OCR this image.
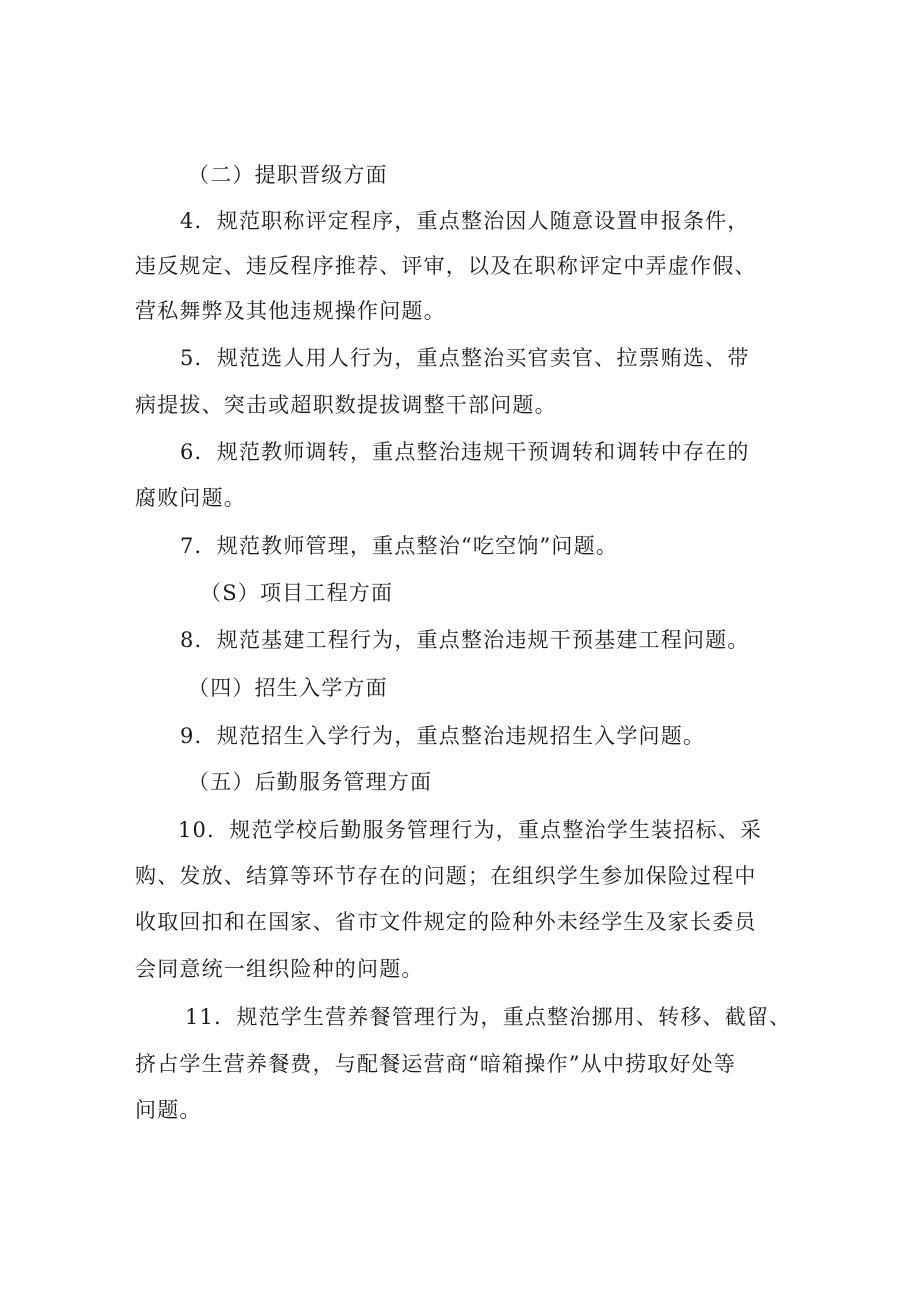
（二）提职晋级方面
4．规范职称评定程序，重点整治因人随意设置申报条件，
违反规定、违反程序推荐、评审，以及在职称评定中弄虚作假、
营私舞弊及其他违规操作问题。
5．规范选人用人行为，重点整治买官卖官、拉票贿选、带
病提拔、突击或超职数提拔调整干部问题。
6．规范教师调转，重点整治违规干预调转和调转中存在的
腐败问题。
7．规范教师管理，重点整治“吃空饷”问题。
（S）项目工程方面
8．规范基建工程行为，重点整治违规干预基建工程问题。
（四）招生入学方面
9．规范招生入学行为，重点整治违规招生入学问题。
（五）后勤服务管理方面
10．规范学校后勤服务管理行为，重点整治学生装招标、采
购、发放、结算等环节存在的问题；在组织学生参加保险过程中
收取回扣和在国家、省市文件规定的险种外未经学生及家长委员
会同意统一组织险种的问题。
11．规范学生营养餐管理行为，重点整治挪用、转移、截留、
挤占学生营养餐费，与配餐运营商“暗箱操作”从中捞取好处等
问题。
